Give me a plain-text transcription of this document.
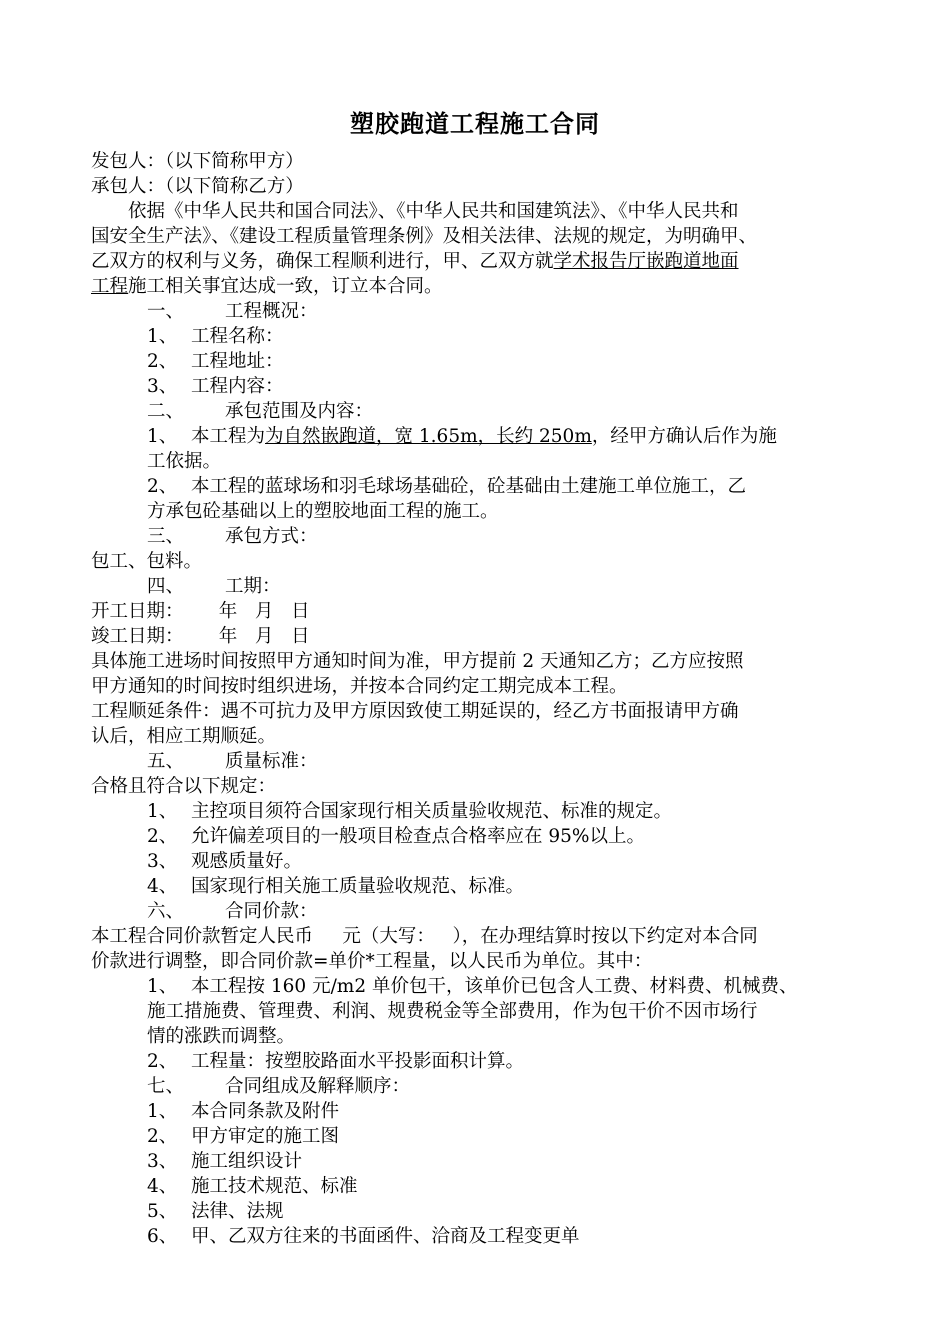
塑胶跑道工程施工合同
发包人：（以下简称甲方）
承包人：（以下简称乙方）
依据《中华人民共和国合同法》、《中华人民共和国建筑法》、《中华人民共和
国安全生产法》、《建设工程质量管理条例》及相关法律、法规的规定，为明确甲、
乙双方的权利与义务，确保工程顺利进行，甲、乙双方就学术报告厅嵌跑道地面
工程施工相关事宜达成一致，订立本合同。
一、 工程概况：
1、 工程名称：
2、 工程地址：
3、 工程内容：
二、 承包范围及内容：
1、 本工程为为自然嵌跑道，宽 1.65m，长约 250m，经甲方确认后作为施
工依据。
2、 本工程的蓝球场和羽毛球场基础砼，砼基础由土建施工单位施工，乙
方承包砼基础以上的塑胶地面工程的施工。
三、 承包方式：
包工、包料。
四、 工期：
开工日期：      年   月   日
竣工日期：      年   月   日
具体施工进场时间按照甲方通知时间为准，甲方提前 2 天通知乙方；乙方应按照
甲方通知的时间按时组织进场，并按本合同约定工期完成本工程。
工程顺延条件：遇不可抗力及甲方原因致使工期延误的，经乙方书面报请甲方确
认后，相应工期顺延。
五、 质量标准：
合格且符合以下规定：
1、 主控项目须符合国家现行相关质量验收规范、标准的规定。
2、 允许偏差项目的一般项目检查点合格率应在 95%以上。
3、 观感质量好。
4、 国家现行相关施工质量验收规范、标准。
六、 合同价款：
本工程合同价款暂定人民币     元（大写：   ），在办理结算时按以下约定对本合同
价款进行调整，即合同价款=单价*工程量，以人民币为单位。其中：
1、 本工程按 160 元/m2 单价包干，该单价已包含人工费、材料费、机械费、
施工措施费、管理费、利润、规费税金等全部费用，作为包干价不因市场行
情的涨跌而调整。
2、 工程量：按塑胶路面水平投影面积计算。
七、 合同组成及解释顺序：
1、 本合同条款及附件
2、 甲方审定的施工图
3、 施工组织设计
4、 施工技术规范、标准
5、 法律、法规
6、 甲、乙双方往来的书面函件、洽商及工程变更单
